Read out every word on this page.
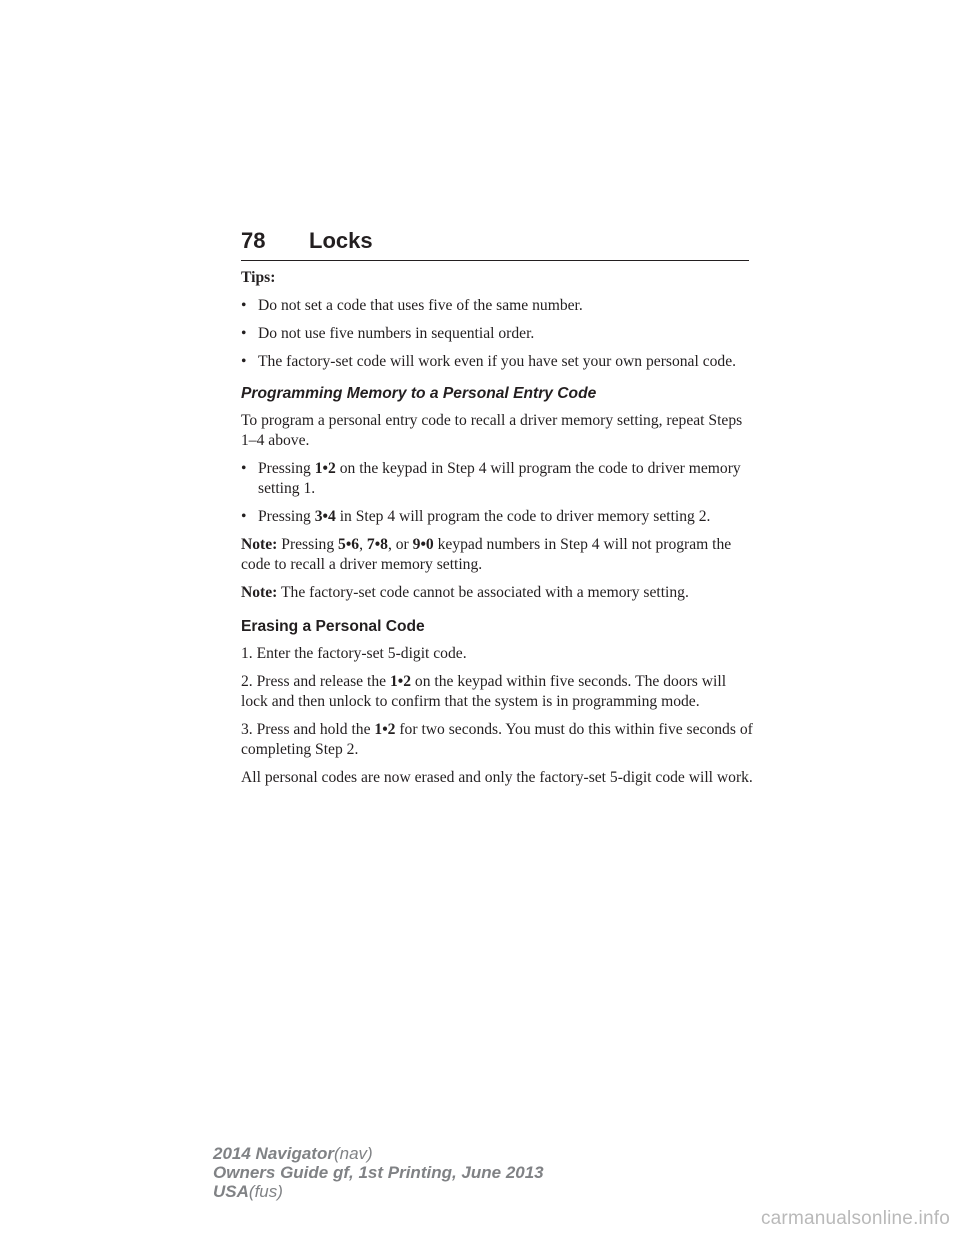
78 Locks

Tips:

• Do not set a code that uses five of the same number.
• Do not use five numbers in sequential order.
• The factory-set code will work even if you have set your own personal code.
Programming Memory to a Personal Entry Code

To program a personal entry code to recall a driver memory setting, repeat Steps 1–4 above.

• Pressing 1•2 on the keypad in Step 4 will program the code to driver memory setting 1.
• Pressing 3•4 in Step 4 will program the code to driver memory setting 2.

Note: Pressing 5•6, 7•8, or 9•0 keypad numbers in Step 4 will not program the code to recall a driver memory setting.

Note: The factory-set code cannot be associated with a memory setting.

Erasing a Personal Code

1. Enter the factory-set 5-digit code.

2. Press and release the 1•2 on the keypad within five seconds. The doors will lock and then unlock to confirm that the system is in programming mode.

3. Press and hold the 1•2 for two seconds. You must do this within five seconds of completing Step 2.

All personal codes are now erased and only the factory-set 5-digit code will work.

2014 Navigator(nav)
Owners Guide gf, 1st Printing, June 2013
USA(fus)
carmanualsonline.info
